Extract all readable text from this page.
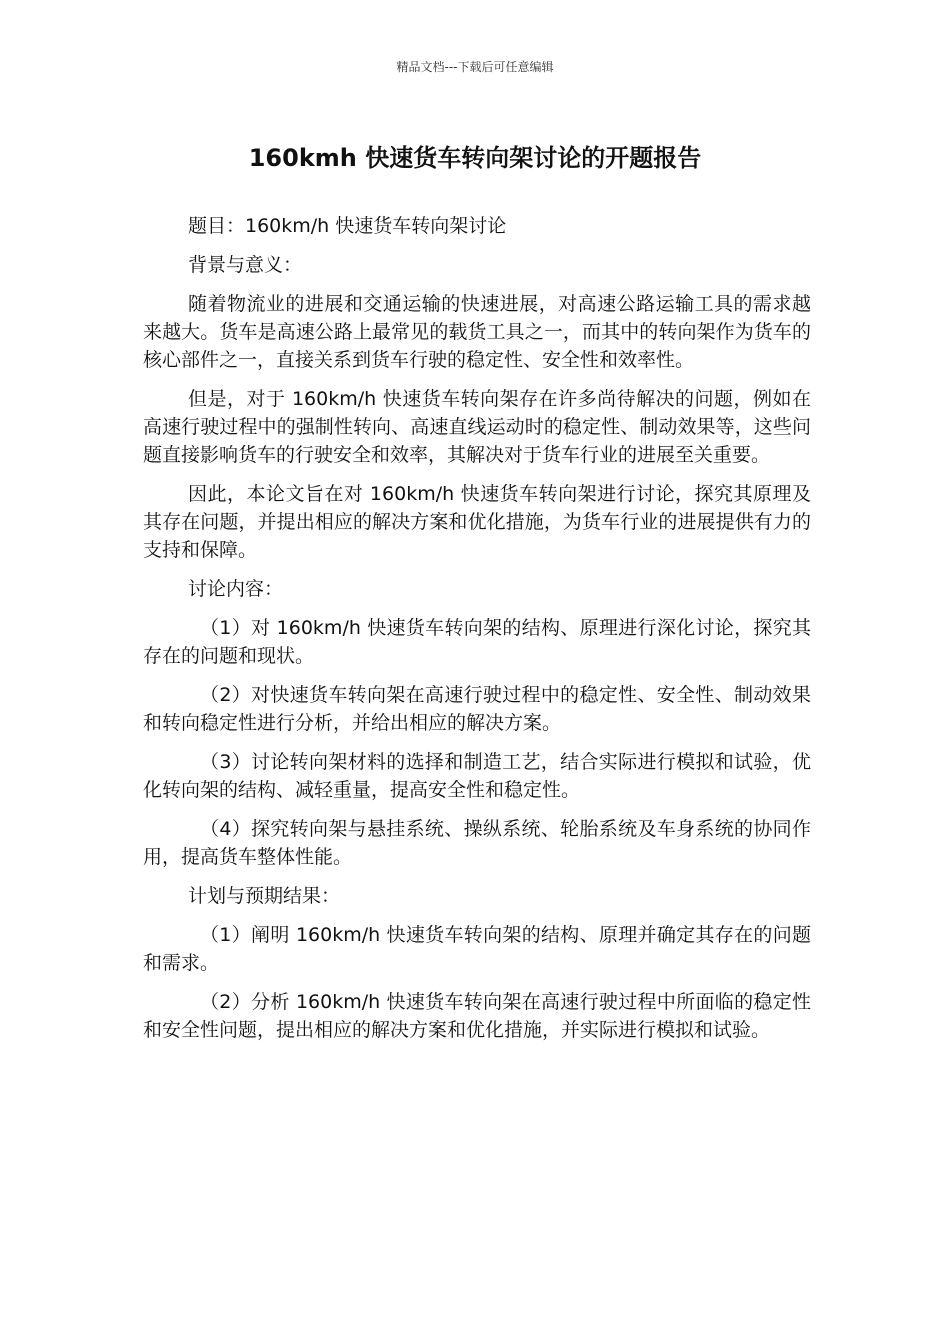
精品文档---下载后可任意编辑
160kmh 快速货车转向架讨论的开题报告

题目：160km/h 快速货车转向架讨论

背景与意义：

随着物流业的进展和交通运输的快速进展，对高速公路运输工具的需求越来越大。货车是高速公路上最常见的载货工具之一，而其中的转向架作为货车的核心部件之一，直接关系到货车行驶的稳定性、安全性和效率性。

但是，对于 160km/h 快速货车转向架存在许多尚待解决的问题，例如在高速行驶过程中的强制性转向、高速直线运动时的稳定性、制动效果等，这些问题直接影响货车的行驶安全和效率，其解决对于货车行业的进展至关重要。

因此，本论文旨在对 160km/h 快速货车转向架进行讨论，探究其原理及其存在问题，并提出相应的解决方案和优化措施，为货车行业的进展提供有力的支持和保障。

讨论内容：

（1）对 160km/h 快速货车转向架的结构、原理进行深化讨论，探究其存在的问题和现状。

（2）对快速货车转向架在高速行驶过程中的稳定性、安全性、制动效果和转向稳定性进行分析，并给出相应的解决方案。

（3）讨论转向架材料的选择和制造工艺，结合实际进行模拟和试验，优化转向架的结构、减轻重量，提高安全性和稳定性。

（4）探究转向架与悬挂系统、操纵系统、轮胎系统及车身系统的协同作用，提高货车整体性能。

计划与预期结果：

（1）阐明 160km/h 快速货车转向架的结构、原理并确定其存在的问题和需求。

（2）分析 160km/h 快速货车转向架在高速行驶过程中所面临的稳定性和安全性问题，提出相应的解决方案和优化措施，并实际进行模拟和试验。
